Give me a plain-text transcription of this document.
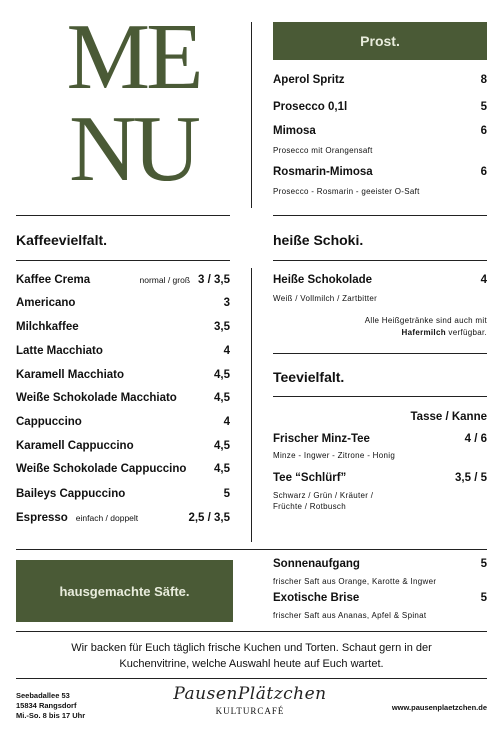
ME
NU
Prost.
Aperol Spritz	8
Prosecco 0,1l	5
Mimosa	6
Prosecco mit Orangensaft
Rosmarin-Mimosa	6
Prosecco - Rosmarin - geeister O-Saft
Kaffeevielfalt.
Kaffee Crema	normal / groß 3 / 3,5
Americano	3
Milchkaffee	3,5
Latte Macchiato	4
Karamell Macchiato	4,5
Weiße Schokolade Macchiato	4,5
Cappuccino	4
Karamell Cappuccino	4,5
Weiße Schokolade Cappuccino 4,5
Baileys Cappuccino	5
Espresso einfach / doppelt	2,5 / 3,5
heiße Schoki.
Heiße Schokolade	4
Weiß / Vollmilch / Zartbitter
Alle Heißgetränke sind auch mit
Hafermilch verfügbar.
Teevielfalt.
Tasse / Kanne
Frischer Minz-Tee	4 / 6
Minze - Ingwer - Zitrone - Honig
Tee “Schlürf”	3,5 / 5
Schwarz / Grün / Kräuter /
Früchte / Rotbusch
hausgemachte Säfte.
Sonnenaufgang	5
frischer Saft aus Orange, Karotte & Ingwer
Exotische Brise	5
frischer Saft aus Ananas, Apfel & Spinat
Wir backen für Euch täglich frische Kuchen und Torten. Schaut gern in der
Kuchenvitrine, welche Auswahl heute auf Euch wartet.
Seebadallee 53
15834 Rangsdorf
Mi.-So. 8 bis 17 Uhr
PausenPlätzchen
KULTURCAFÉ	www.pausenplaetzchen.de
